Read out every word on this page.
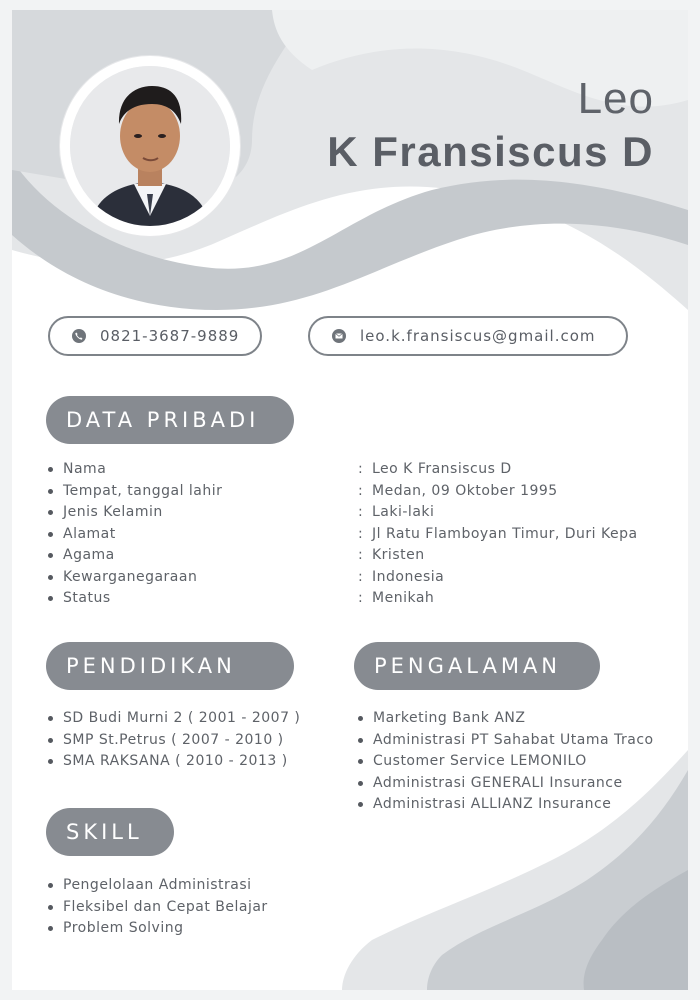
Leo
K Fransiscus D
0821-3687-9889	leo.k.fransiscus@gmail.com
DATA PRIBADI
Nama
Tempat, tanggal lahir
Jenis Kelamin
Alamat
Agama
Kewarganegaraan
Status
: Leo K Fransiscus D
: Medan, 09 Oktober 1995
: Laki-laki
: Jl Ratu Flamboyan Timur, Duri Kepa
: Kristen
: Indonesia
: Menikah
PENDIDIKAN
SD Budi Murni 2 ( 2001 - 2007 )
SMP St.Petrus ( 2007 - 2010 )
SMA RAKSANA ( 2010 - 2013 )
PENGALAMAN
Marketing Bank ANZ
Administrasi PT Sahabat Utama Traco
Customer Service LEMONILO
Administrasi GENERALI Insurance
Administrasi ALLIANZ Insurance
SKILL
Pengelolaan Administrasi
Fleksibel dan Cepat Belajar
Problem Solving
